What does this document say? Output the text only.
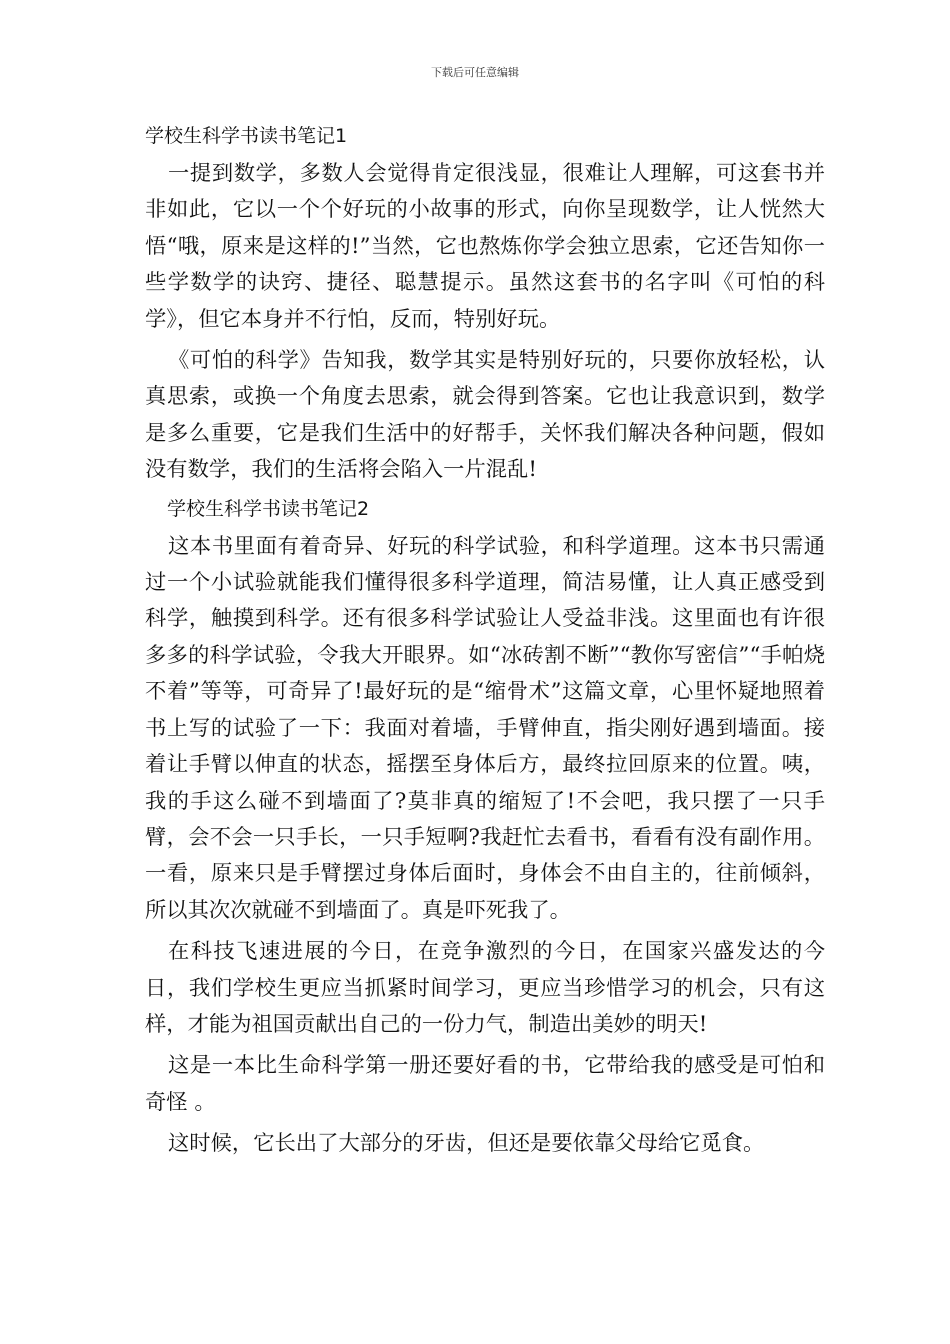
下载后可任意编辑
学校生科学书读书笔记1

一提到数学，多数人会觉得肯定很浅显，很难让人理解，可这套书并非如此，它以一个个好玩的小故事的形式，向你呈现数学，让人恍然大悟“哦，原来是这样的!”当然，它也熬炼你学会独立思索，它还告知你一些学数学的诀窍、捷径、聪慧提示。虽然这套书的名字叫《可怕的科学》，但它本身并不行怕，反而，特别好玩。

《可怕的科学》告知我，数学其实是特别好玩的，只要你放轻松，认真思索，或换一个角度去思索，就会得到答案。它也让我意识到，数学是多么重要，它是我们生活中的好帮手，关怀我们解决各种问题，假如没有数学，我们的生活将会陷入一片混乱!

学校生科学书读书笔记2

这本书里面有着奇异、好玩的科学试验，和科学道理。这本书只需通过一个小试验就能我们懂得很多科学道理，简洁易懂，让人真正感受到科学，触摸到科学。还有很多科学试验让人受益非浅。这里面也有许很多多的科学试验，令我大开眼界。如“冰砖割不断”“教你写密信”“手帕烧不着”等等，可奇异了!最好玩的是“缩骨术”这篇文章，心里怀疑地照着书上写的试验了一下：我面对着墙，手臂伸直，指尖刚好遇到墙面。接着让手臂以伸直的状态，摇摆至身体后方，最终拉回原来的位置。咦，我的手这么碰不到墙面了?莫非真的缩短了!不会吧，我只摆了一只手臂，会不会一只手长，一只手短啊?我赶忙去看书，看看有没有副作用。一看，原来只是手臂摆过身体后面时，身体会不由自主的，往前倾斜，所以其次次就碰不到墙面了。真是吓死我了。

在科技飞速进展的今日，在竞争激烈的今日，在国家兴盛发达的今日，我们学校生更应当抓紧时间学习，更应当珍惜学习的机会，只有这样，才能为祖国贡献出自己的一份力气，制造出美妙的明天!

这是一本比生命科学第一册还要好看的书，它带给我的感受是可怕和奇怪 。

这时候，它长出了大部分的牙齿，但还是要依靠父母给它觅食。
